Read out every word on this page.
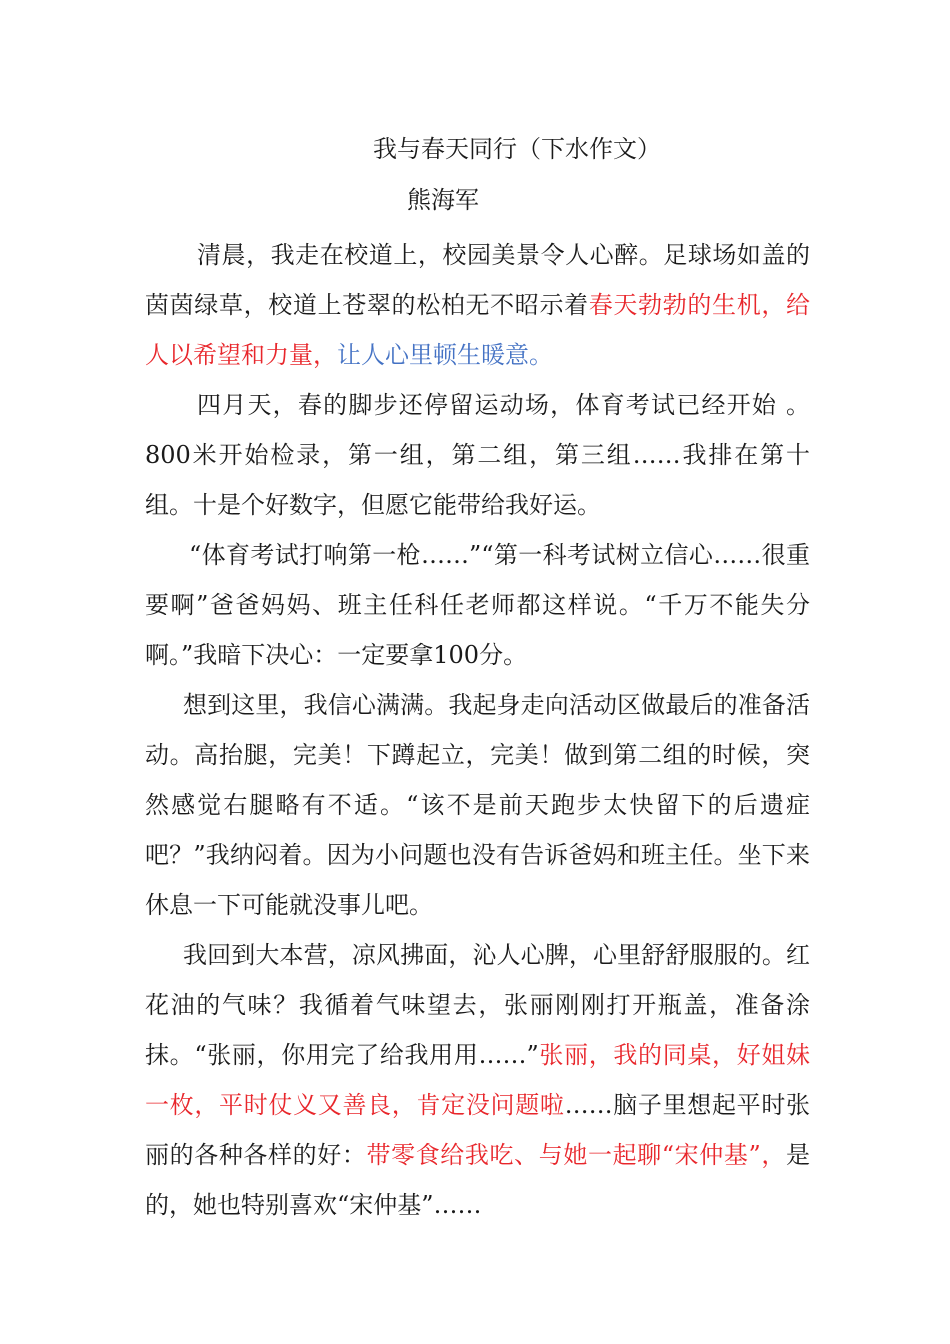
我与春天同行（下水作文）
熊海军

清晨，我走在校道上，校园美景令人心醉。足球场如盖的茵茵绿草，校道上苍翠的松柏无不昭示着春天勃勃的生机，给人以希望和力量，让人心里顿生暖意。

四月天，春的脚步还停留运动场，体育考试已经开始 。800米开始检录，第一组，第二组，第三组……我排在第十组。十是个好数字，但愿它能带给我好运。

“体育考试打响第一枪……”“第一科考试树立信心……很重要啊”爸爸妈妈、班主任科任老师都这样说。“千万不能失分啊。”我暗下决心：一定要拿100分。

想到这里，我信心满满。我起身走向活动区做最后的准备活动。高抬腿，完美！下蹲起立，完美！做到第二组的时候，突然感觉右腿略有不适。“该不是前天跑步太快留下的后遗症吧？”我纳闷着。因为小问题也没有告诉爸妈和班主任。坐下来休息一下可能就没事儿吧。

我回到大本营，凉风拂面，沁人心脾，心里舒舒服服的。红花油的气味？我循着气味望去，张丽刚刚打开瓶盖，准备涂抹。“张丽，你用完了给我用用……”张丽，我的同桌，好姐妹一枚，平时仗义又善良，肯定没问题啦……脑子里想起平时张丽的各种各样的好：带零食给我吃、与她一起聊“宋仲基”，是的，她也特别喜欢“宋仲基”……
